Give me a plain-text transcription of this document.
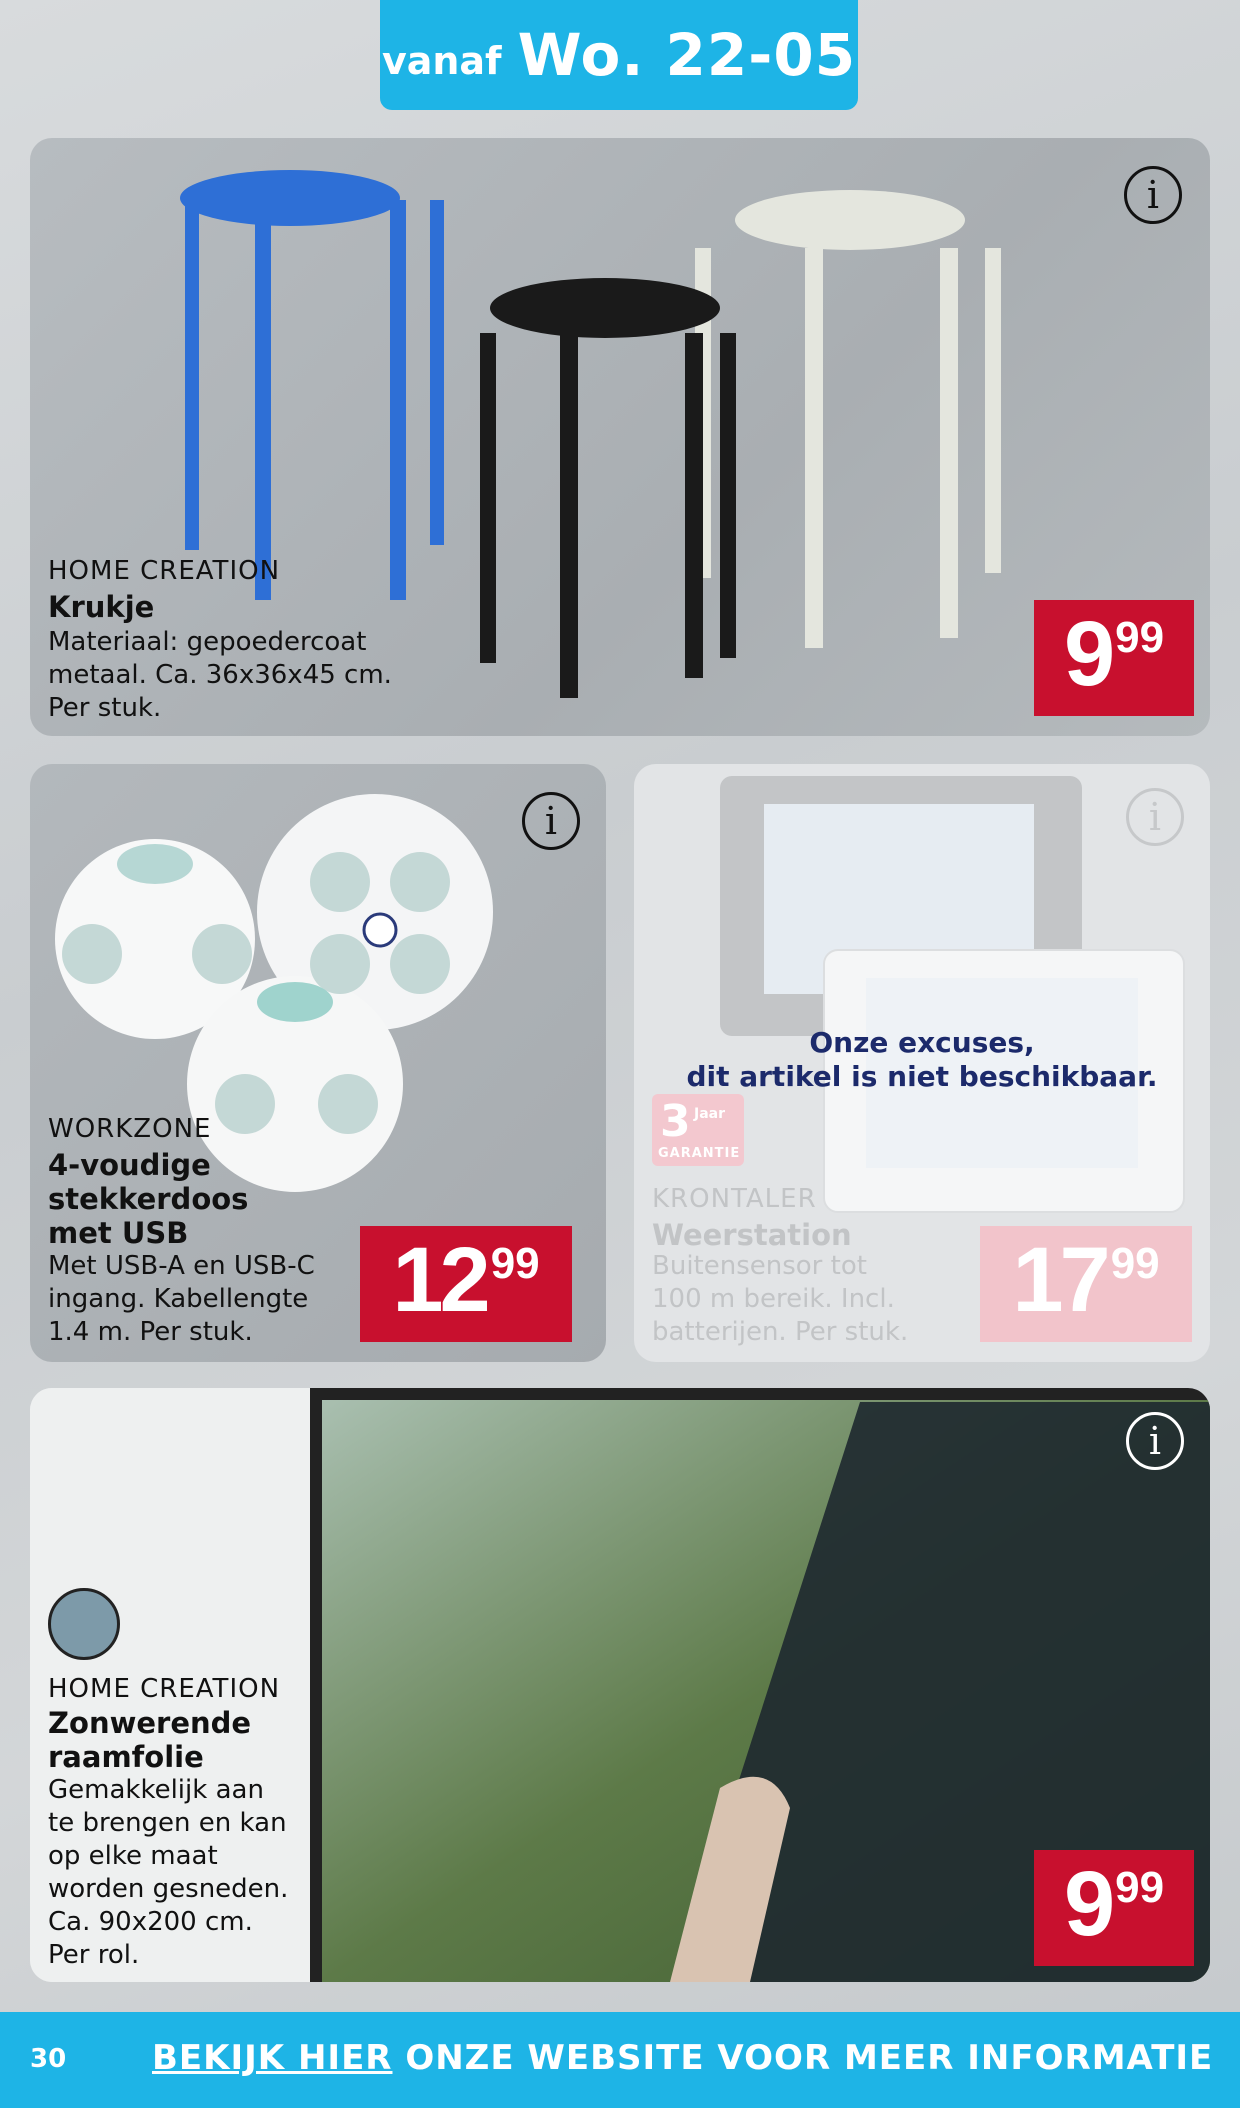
vanaf Wo. 22-05
i
HOME CREATION
Krukje
Materiaal: gepoedercoat
metaal. Ca. 36x36x45 cm.
Per stuk.
9 99
i
WORKZONE
4-voudige
stekkerdoos
met USB
Met USB-A en USB-C
ingang. Kabellengte
1.4 m. Per stuk.
12 99
i
Onze excuses,
dit artikel is niet beschikbaar.
3 Jaar
GARANTIE
KRONTALER
Weerstation
Buitensensor tot
100 m bereik. Incl.
batterijen. Per stuk.
17 99
i
HOME CREATION
Zonwerende
raamfolie
Gemakkelijk aan
te brengen en kan
op elke maat
worden gesneden.
Ca. 90x200 cm.
Per rol.	9 99
30	BEKIJK HIER ONZE WEBSITE VOOR MEER INFORMATIE
